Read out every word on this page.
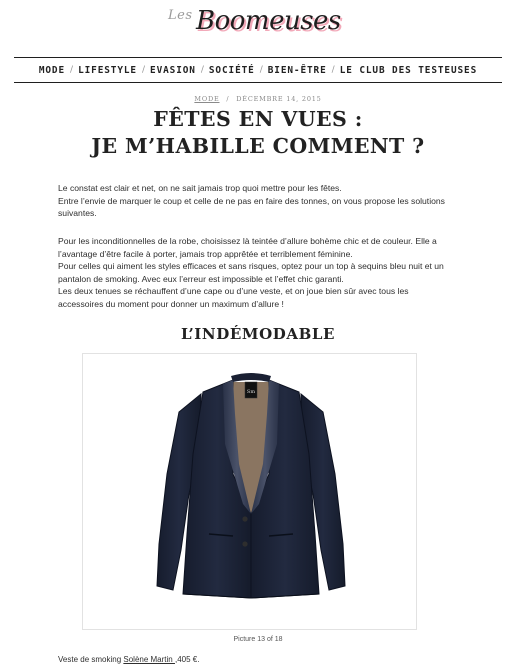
Les Boomeuses
MODE / LIFESTYLE / EVASION / SOCIÉTÉ / BIEN-ÊTRE / LE CLUB DES TESTEUSES
MODE / DÉCEMBRE 14, 2015
FÊTES EN VUES :
JE M’HABILLE COMMENT ?
Le constat est clair et net, on ne sait jamais trop quoi mettre pour les fêtes.
Entre l’envie de marquer le coup et celle de ne pas en faire des tonnes, on vous propose les solutions
suivantes.
Pour les inconditionnelles de la robe, choisissez là teintée d’allure bohème chic et de couleur. Elle a
l’avantage d’être facile à porter, jamais trop apprêtée et terriblement féminine.
Pour celles qui aiment les styles efficaces et sans risques, optez pour un top à sequins bleu nuit et un
pantalon de smoking. Avec eux l’erreur est impossible et l’effet chic garanti.
Les deux tenues se réchauffent d’une cape ou d’une veste, et on joue bien sûr avec tous les
accessoires du moment pour donner un maximum d’allure !
L’INDÉMODABLE
Sm
Picture 13 of 18
Veste de smoking Solène Martin ,405 €.
